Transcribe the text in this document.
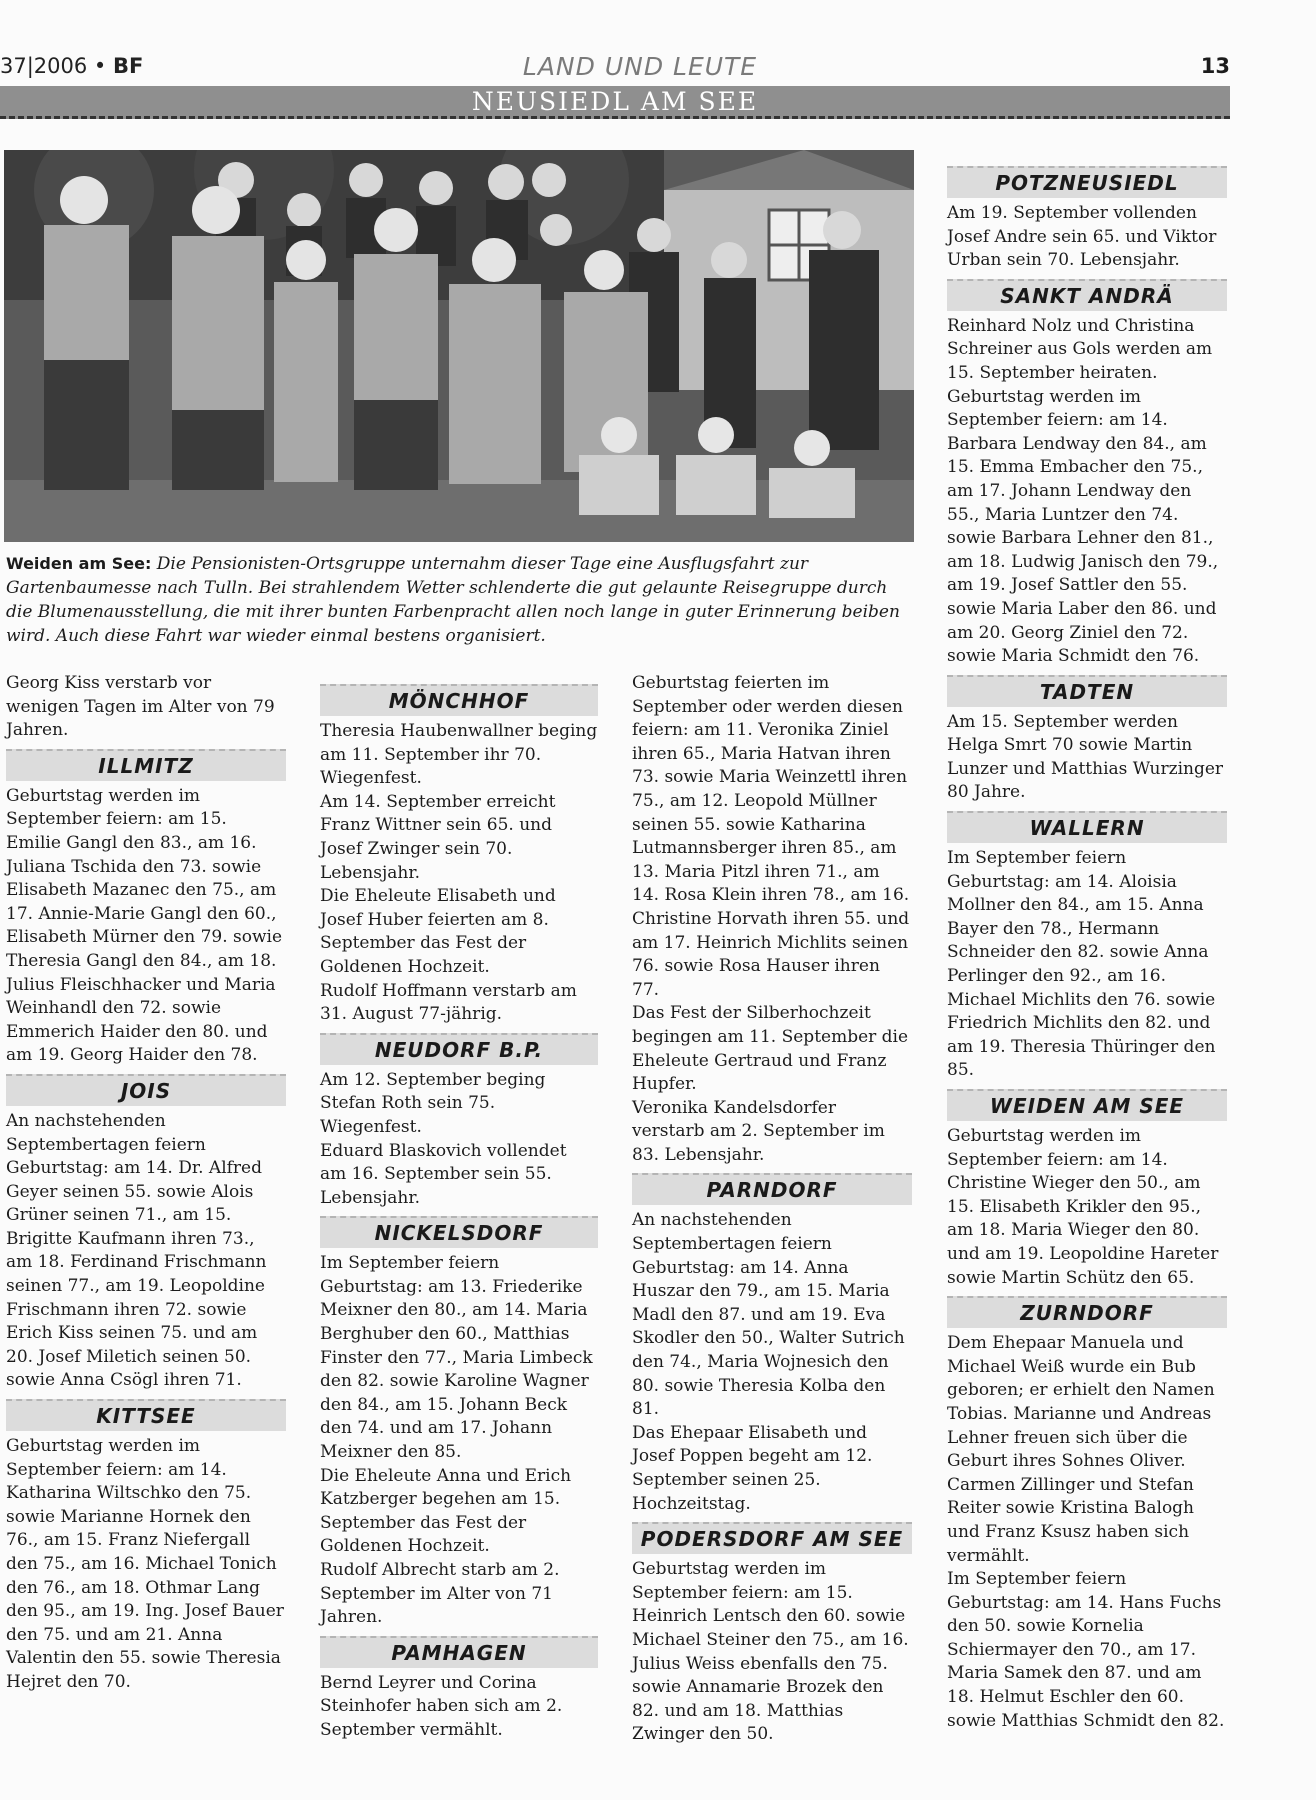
37|2006 • BF	LAND UND LEUTE	13
NEUSIEDL AM SEE
Weiden am See: Die Pensionisten-Ortsgruppe unternahm dieser Tage eine Ausflugsfahrt zur Gartenbaumesse nach Tulln. Bei strahlendem Wetter schlenderte die gut gelaunte Reisegruppe durch die Blumenausstellung, die mit ihrer bunten Farbenpracht allen noch lange in guter Erinnerung beiben wird. Auch diese Fahrt war wieder einmal bestens organisiert.

Georg Kiss verstarb vor wenigen Tagen im Alter von 79 Jahren.

ILLMITZ

Geburtstag werden im September feiern: am 15. Emilie Gangl den 83., am 16. Juliana Tschida den 73. sowie Elisabeth Mazanec den 75., am 17. Annie-Marie Gangl den 60., Elisabeth Mürner den 79. sowie Theresia Gangl den 84., am 18. Julius Fleischhacker und Maria Weinhandl den 72. sowie Emmerich Haider den 80. und am 19. Georg Haider den 78.

JOIS

An nachstehenden Septembertagen feiern Geburtstag: am 14. Dr. Alfred Geyer seinen 55. sowie Alois Grüner seinen 71., am 15. Brigitte Kaufmann ihren 73., am 18. Ferdinand Frischmann seinen 77., am 19. Leopoldine Frischmann ihren 72. sowie Erich Kiss seinen 75. und am 20. Josef Miletich seinen 50. sowie Anna Csögl ihren 71.

KITTSEE

Geburtstag werden im September feiern: am 14. Katharina Wiltschko den 75. sowie Marianne Hornek den 76., am 15. Franz Niefergall den 75., am 16. Michael Tonich den 76., am 18. Othmar Lang den 95., am 19. Ing. Josef Bauer den 75. und am 21. Anna Valentin den 55. sowie Theresia Hejret den 70.

MÖNCHHOF

Theresia Haubenwallner beging am 11. September ihr 70. Wiegenfest.

Am 14. September erreicht Franz Wittner sein 65. und Josef Zwinger sein 70. Lebensjahr.

Die Eheleute Elisabeth und Josef Huber feierten am 8. September das Fest der Goldenen Hochzeit.

Rudolf Hoffmann verstarb am 31. August 77-jährig.

NEUDORF B.P.

Am 12. September beging Stefan Roth sein 75. Wiegenfest.

Eduard Blaskovich vollendet am 16. September sein 55. Lebensjahr.

NICKELSDORF

Im September feiern Geburtstag: am 13. Friederike Meixner den 80., am 14. Maria Berghuber den 60., Matthias Finster den 77., Maria Limbeck den 82. sowie Karoline Wagner den 84., am 15. Johann Beck den 74. und am 17. Johann Meixner den 85.

Die Eheleute Anna und Erich Katzberger begehen am 15. September das Fest der Goldenen Hochzeit.

Rudolf Albrecht starb am 2. September im Alter von 71 Jahren.

PAMHAGEN

Bernd Leyrer und Corina Steinhofer haben sich am 2. September vermählt.

Geburtstag feierten im September oder werden diesen feiern: am 11. Veronika Ziniel ihren 65., Maria Hatvan ihren 73. sowie Maria Weinzettl ihren 75., am 12. Leopold Müllner seinen 55. sowie Katharina Lutmannsberger ihren 85., am 13. Maria Pitzl ihren 71., am 14. Rosa Klein ihren 78., am 16. Christine Horvath ihren 55. und am 17. Heinrich Michlits seinen 76. sowie Rosa Hauser ihren 77.

Das Fest der Silberhochzeit begingen am 11. September die Eheleute Gertraud und Franz Hupfer.

Veronika Kandelsdorfer verstarb am 2. September im 83. Lebensjahr.

PARNDORF

An nachstehenden Septembertagen feiern Geburtstag: am 14. Anna Huszar den 79., am 15. Maria Madl den 87. und am 19. Eva Skodler den 50., Walter Sutrich den 74., Maria Wojnesich den 80. sowie Theresia Kolba den 81.

Das Ehepaar Elisabeth und Josef Poppen begeht am 12. September seinen 25. Hochzeitstag.

PODERSDORF AM SEE

Geburtstag werden im September feiern: am 15. Heinrich Lentsch den 60. sowie Michael Steiner den 75., am 16. Julius Weiss ebenfalls den 75. sowie Annamarie Brozek den 82. und am 18. Matthias Zwinger den 50.

POTZNEUSIEDL

Am 19. September vollenden Josef Andre sein 65. und Viktor Urban sein 70. Lebensjahr.

SANKT ANDRÄ

Reinhard Nolz und Christina Schreiner aus Gols werden am 15. September heiraten.

Geburtstag werden im September feiern: am 14. Barbara Lendway den 84., am 15. Emma Embacher den 75., am 17. Johann Lendway den 55., Maria Luntzer den 74. sowie Barbara Lehner den 81., am 18. Ludwig Janisch den 79., am 19. Josef Sattler den 55. sowie Maria Laber den 86. und am 20. Georg Ziniel den 72. sowie Maria Schmidt den 76.

TADTEN

Am 15. September werden Helga Smrt 70 sowie Martin Lunzer und Matthias Wurzinger 80 Jahre.

WALLERN

Im September feiern Geburtstag: am 14. Aloisia Mollner den 84., am 15. Anna Bayer den 78., Hermann Schneider den 82. sowie Anna Perlinger den 92., am 16. Michael Michlits den 76. sowie Friedrich Michlits den 82. und am 19. Theresia Thüringer den 85.

WEIDEN AM SEE

Geburtstag werden im September feiern: am 14. Christine Wieger den 50., am 15. Elisabeth Krikler den 95., am 18. Maria Wieger den 80. und am 19. Leopoldine Hareter sowie Martin Schütz den 65.

ZURNDORF

Dem Ehepaar Manuela und Michael Weiß wurde ein Bub geboren; er erhielt den Namen Tobias. Marianne und Andreas Lehner freuen sich über die Geburt ihres Sohnes Oliver.

Carmen Zillinger und Stefan Reiter sowie Kristina Balogh und Franz Ksusz haben sich vermählt.

Im September feiern Geburtstag: am 14. Hans Fuchs den 50. sowie Kornelia Schiermayer den 70., am 17. Maria Samek den 87. und am 18. Helmut Eschler den 60. sowie Matthias Schmidt den 82.
